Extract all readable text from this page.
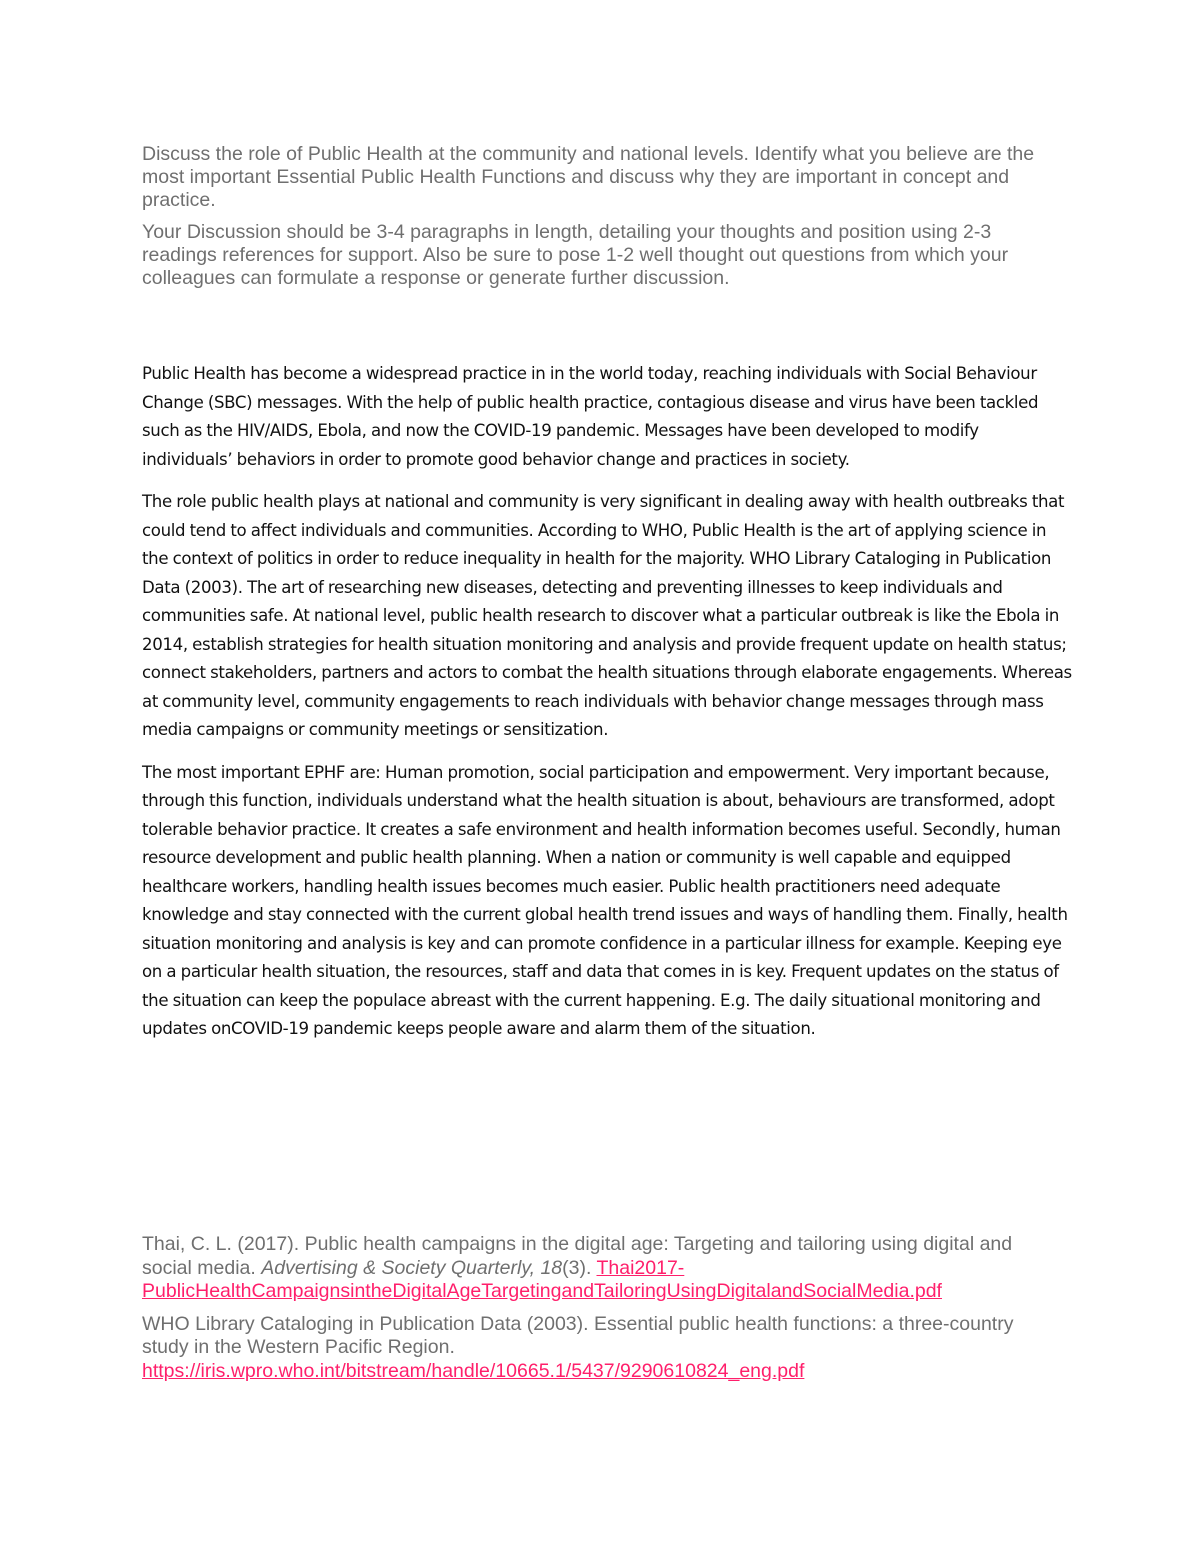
Discuss the role of Public Health at the community and national levels. Identify what you believe are the most important Essential Public Health Functions and discuss why they are important in concept and practice.

Your Discussion should be 3-4 paragraphs in length, detailing your thoughts and position using 2-3 readings references for support. Also be sure to pose 1-2 well thought out questions from which your colleagues can formulate a response or generate further discussion.

Public Health has become a widespread practice in in the world today, reaching individuals with Social Behaviour Change (SBC) messages. With the help of public health practice, contagious disease and virus have been tackled such as the HIV/AIDS, Ebola, and now the COVID-19 pandemic. Messages have been developed to modify individuals’ behaviors in order to promote good behavior change and practices in society.

The role public health plays at national and community is very significant in dealing away with health outbreaks that could tend to affect individuals and communities. According to WHO, Public Health is the art of applying science in the context of politics in order to reduce inequality in health for the majority. WHO Library Cataloging in Publication Data (2003). The art of researching new diseases, detecting and preventing illnesses to keep individuals and communities safe. At national level, public health research to discover what a particular outbreak is like the Ebola in 2014, establish strategies for health situation monitoring and analysis and provide frequent update on health status; connect stakeholders, partners and actors to combat the health situations through elaborate engagements. Whereas at community level, community engagements to reach individuals with behavior change messages through mass media campaigns or community meetings or sensitization.

The most important EPHF are: Human promotion, social participation and empowerment. Very important because, through this function, individuals understand what the health situation is about, behaviours are transformed, adopt tolerable behavior practice. It creates a safe environment and health information becomes useful. Secondly, human resource development and public health planning. When a nation or community is well capable and equipped healthcare workers, handling health issues becomes much easier. Public health practitioners need adequate knowledge and stay connected with the current global health trend issues and ways of handling them. Finally, health situation monitoring and analysis is key and can promote confidence in a particular illness for example. Keeping eye on a particular health situation, the resources, staff and data that comes in is key. Frequent updates on the status of the situation can keep the populace abreast with the current happening. E.g. The daily situational monitoring and updates onCOVID-19 pandemic keeps people aware and alarm them of the situation.

Thai, C. L. (2017). Public health campaigns in the digital age: Targeting and tailoring using digital and social media. Advertising & Society Quarterly, 18(3). Thai2017-PublicHealthCampaignsintheDigitalAgeTargetingandTailoringUsingDigitalandSocialMedia.pdf

WHO Library Cataloging in Publication Data (2003). Essential public health functions: a three-country study in the Western Pacific Region. https://iris.wpro.who.int/bitstream/handle/10665.1/5437/9290610824_eng.pdf
